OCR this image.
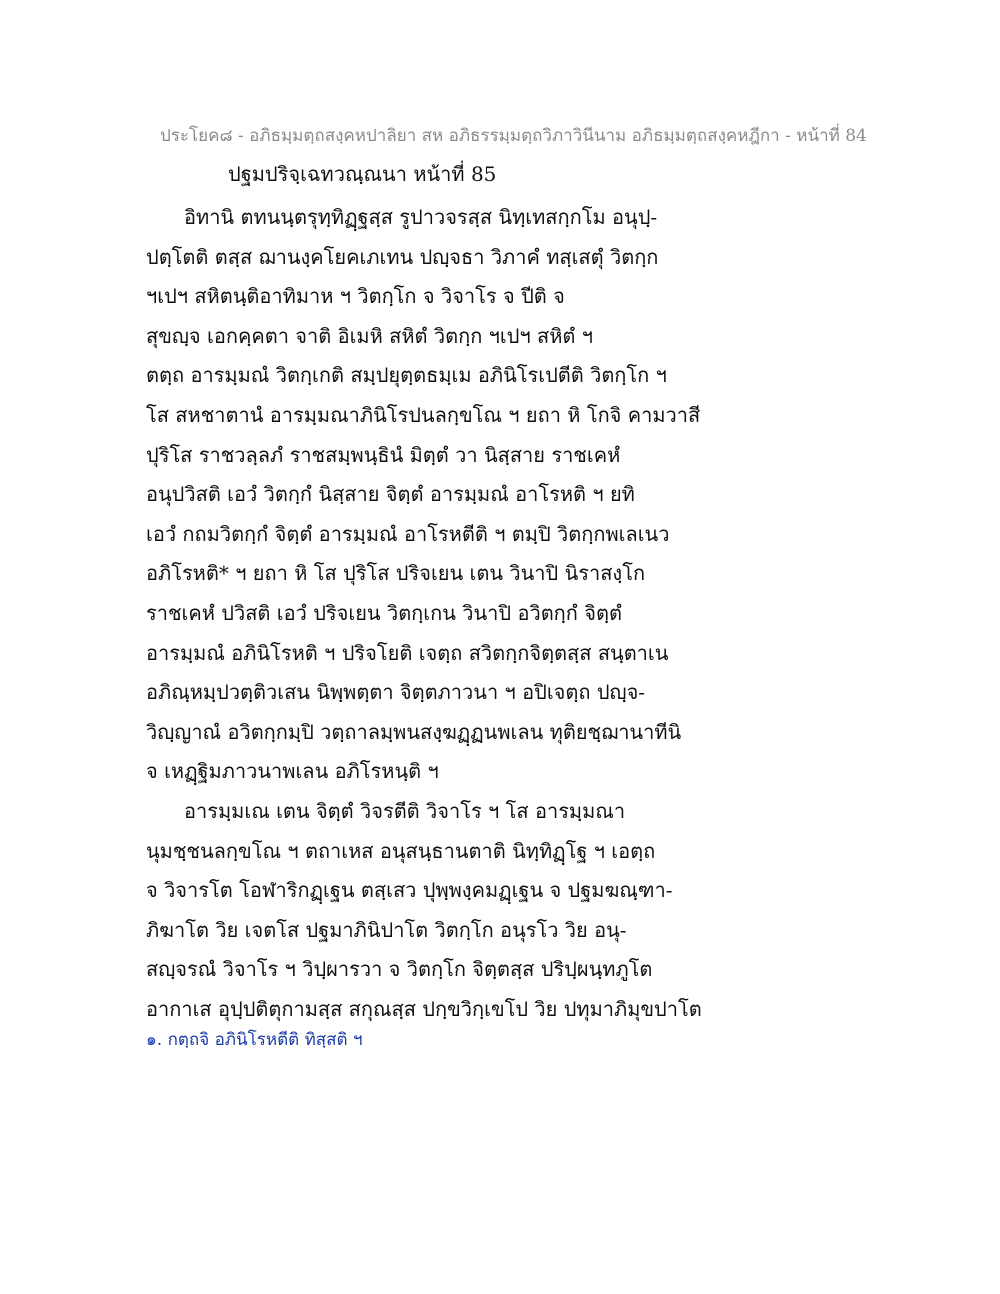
ประโยค๘ - อภิธมฺมตฺถสงฺคหปาลิยา สห อภิธรรมฺมตฺถวิภาวินีนาม อภิธมฺมตฺถสงฺคหฎีกา - หน้าที่ 84
ปฐมปริจฺเฉทวณฺณนา หน้าที่ 85
อิทานิ ตทนนฺตรุทฺทิฏฺฐสฺส รูปาวจรสฺส นิทฺเทสกฺกโม อนุปฺ-
ปตฺโตติ ตสฺส ฌานงฺคโยคเภเทน ปญฺจธา วิภาคํ ทสฺเสตุํ วิตกฺก
ฯเปฯ สหิตนฺติอาทิมาห ฯ วิตกฺโก จ วิจาโร จ ปีติ จ
สุขญฺจ เอกคฺคตา จาติ อิเมหิ สหิตํ วิตกฺก ฯเปฯ สหิตํ ฯ
ตตฺถ อารมฺมณํ วิตกฺเกติ สมฺปยุตฺตธมฺเม อภินิโรเปตีติ วิตกฺโก ฯ
โส สหชาตานํ อารมฺมณาภินิโรปนลกฺขโณ ฯ ยถา หิ โกจิ คามวาสี
ปุริโส ราชวลฺลภํ ราชสมฺพนฺธินํ มิตฺตํ วา นิสฺสาย ราชเคหํ
อนุปวิสติ เอวํ วิตกฺกํ นิสฺสาย จิตฺตํ อารมฺมณํ อาโรหติ ฯ ยทิ
เอวํ กถมวิตกฺกํ จิตฺตํ อารมฺมณํ อาโรหตีติ ฯ ตมฺปิ วิตกฺกพเลเนว
อภิโรหติ* ฯ ยถา หิ โส ปุริโส ปริจเยน เตน วินาปิ นิราสงฺโก
ราชเคหํ ปวิสติ เอวํ ปริจเยน วิตกฺเกน วินาปิ อวิตกฺกํ จิตฺตํ
อารมฺมณํ อภินิโรหติ ฯ ปริจโยติ เจตฺถ สวิตกฺกจิตฺตสฺส สนฺตาเน
อภิณฺหมฺปวตฺติวเสน นิพฺพตฺตา จิตฺตภาวนา ฯ อปิเจตฺถ ปญฺจ-
วิญฺญาณํ อวิตกฺกมฺปิ วตฺถาลมฺพนสงฺฆฏฺฏนพเลน ทุติยชฺฌานาทีนิ
จ เหฏฺฐิมภาวนาพเลน อภิโรหนฺติ ฯ
อารมฺมเณ เตน จิตฺตํ วิจรตีติ วิจาโร ฯ โส อารมฺมณา
นุมชฺชนลกฺขโณ ฯ ตถาเหส อนุสนฺธานตาติ นิทฺทิฏฺโฐ ฯ เอตฺถ
จ วิจารโต โอฬาริกฏฺเฐน ตสฺเสว ปุพฺพงฺคมฏฺเฐน จ ปฐมฆณฺฑา-
ภิฆาโต วิย เจตโส ปฐมาภินิปาโต วิตกฺโก อนุรโว วิย อนุ-
สญฺจรณํ วิจาโร ฯ วิปฺผารวา จ วิตกฺโก จิตฺตสฺส ปริปฺผนฺทภูโต
อากาเส อุปฺปติตุกามสฺส สกุณสฺส ปกฺขวิกฺเขโป วิย ปทุมาภิมุขปาโต
๑. กตฺถจิ อภินิโรหตีติ ทิสฺสติ ฯ
